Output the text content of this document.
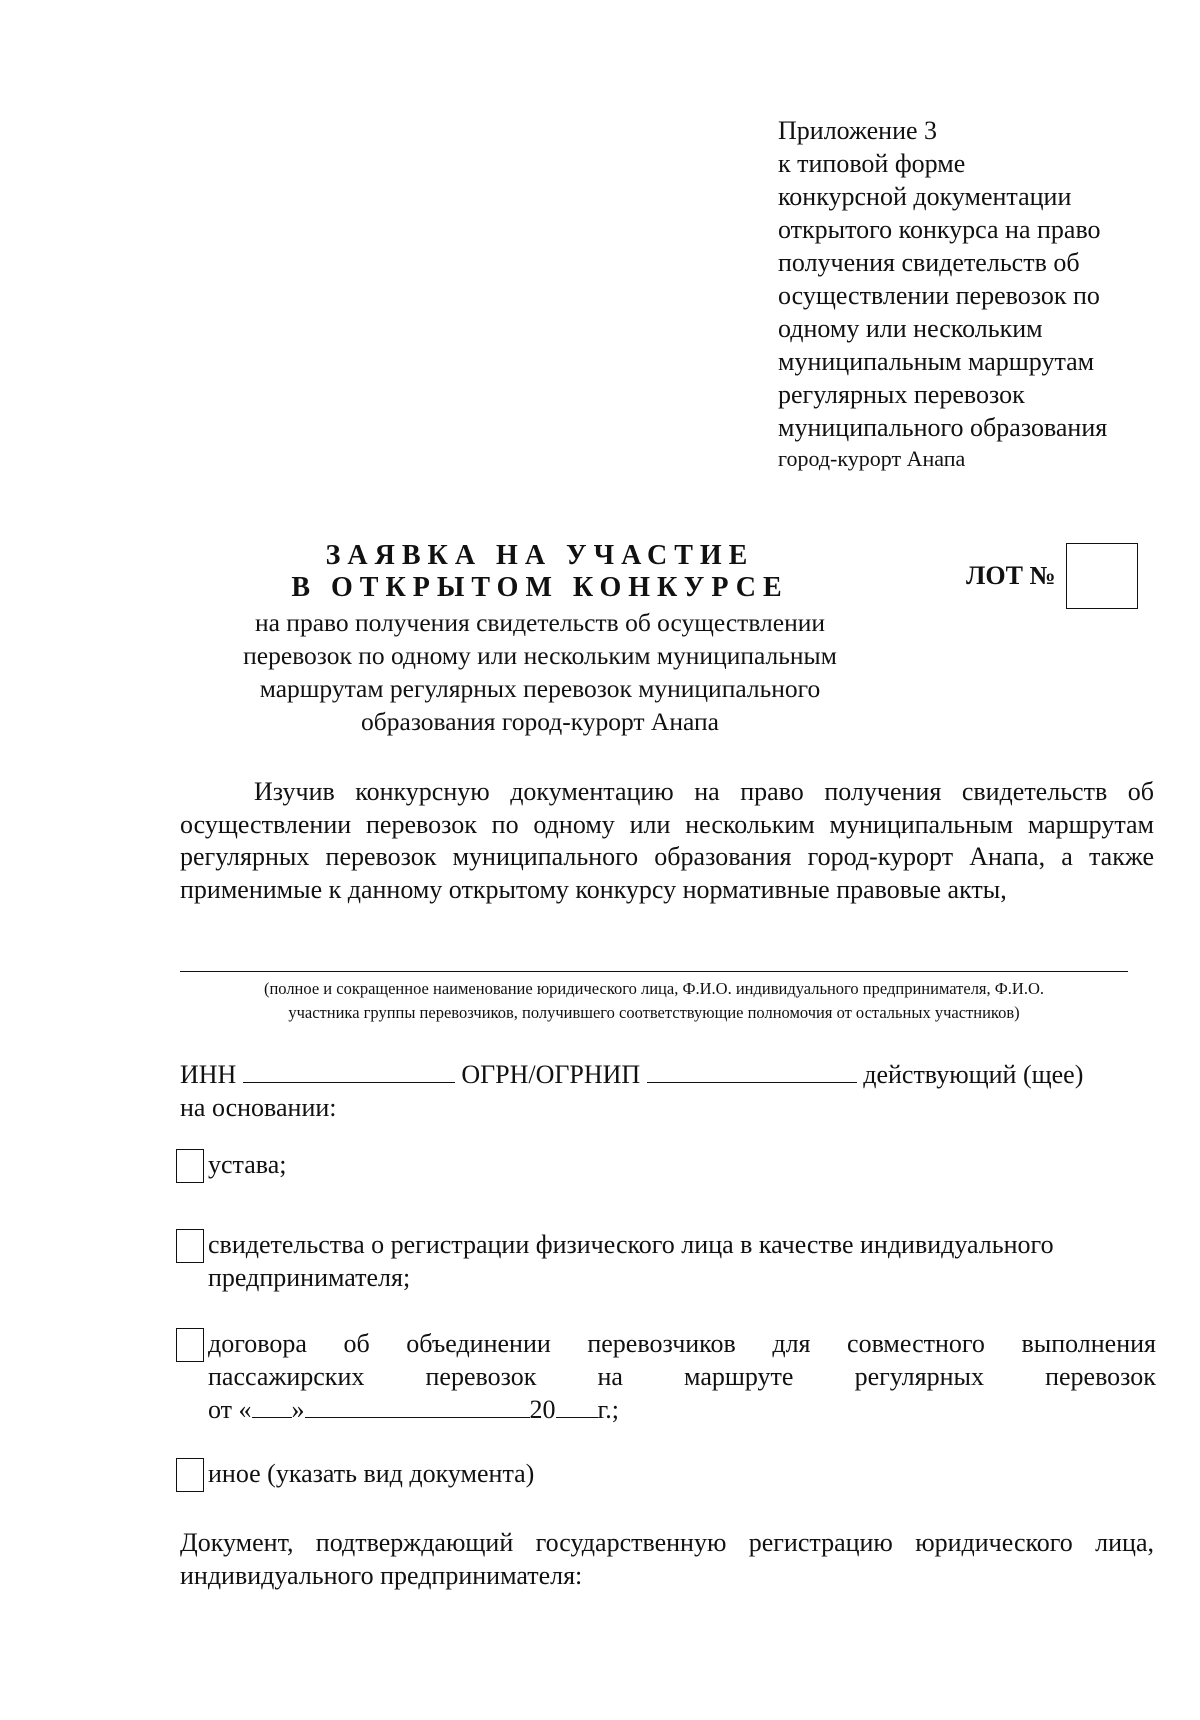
Приложение 3
к типовой форме
конкурсной документации
открытого конкурса на право
получения свидетельств об
осуществлении перевозок по
одному или нескольким
муниципальным маршрутам
регулярных перевозок
муниципального образования
город-курорт Анапа
ЗАЯВКА НА УЧАСТИЕ
В ОТКРЫТОМ КОНКУРСЕ
на право получения свидетельств об осуществлении
перевозок по одному или нескольким муниципальным
маршрутам регулярных перевозок муниципального
образования город-курорт Анапа
ЛОТ №
Изучив конкурсную документацию на право получения свидетельств об осуществлении перевозок по одному или нескольким муниципальным маршрутам регулярных перевозок муниципального образования город-курорт Анапа, а также применимые к данному открытому конкурсу нормативные правовые акты,
(полное и сокращенное наименование юридического лица, Ф.И.О. индивидуального предпринимателя, Ф.И.О.
участника группы перевозчиков, получившего соответствующие полномочия от остальных участников)
ИНН	ОГРН/ОГРНИП	действующий (щее)
на основании:
устава;
свидетельства о регистрации физического лица в качестве индивидуального
предпринимателя;
договора об объединении перевозчиков для совместного выполнения
пассажирских перевозок на маршруте регулярных перевозок
от « »	20 г.;
иное (указать вид документа)
Документ, подтверждающий государственную регистрацию юридического лица, индивидуального предпринимателя:
